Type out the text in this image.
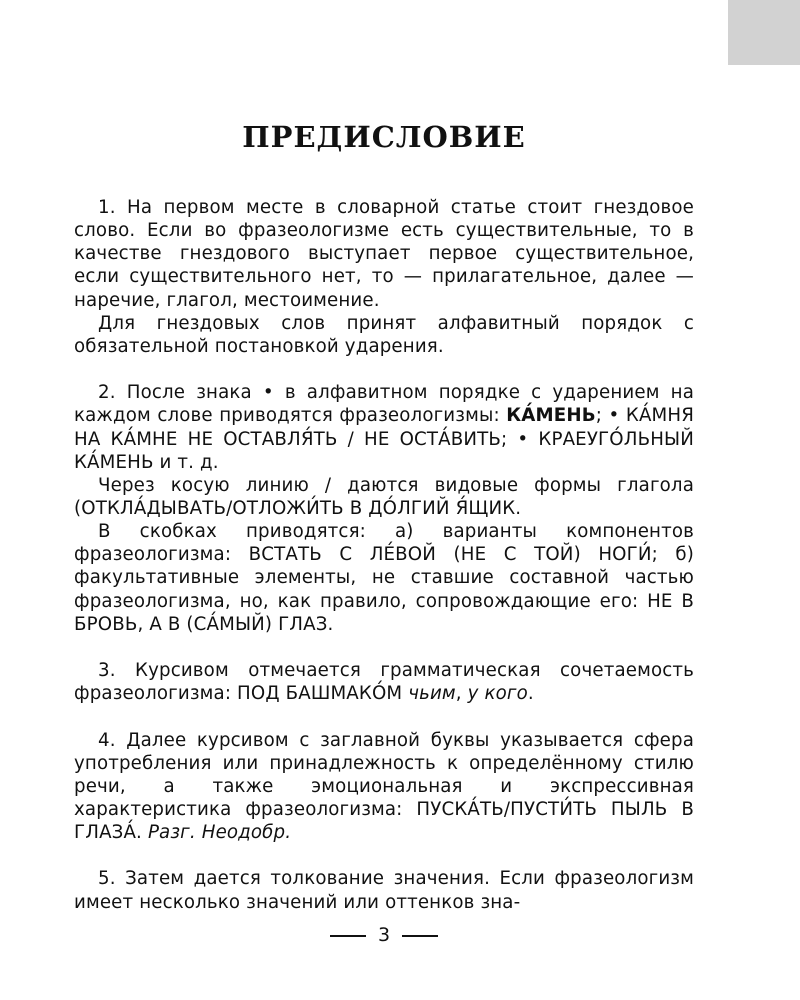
ПРЕДИСЛОВИЕ

1. На первом месте в словарной статье стоит гнездовое слово. Если во фразеологизме есть существительные, то в качестве гнездового выступает первое существительное, если существительного нет, то — прилагательное, далее — наречие, глагол, местоимение.

Для гнездовых слов принят алфавитный порядок с обязательной постановкой ударения.

2. После знака • в алфавитном порядке с ударением на каждом слове приводятся фразеологизмы: КА́МЕНЬ; • КА́МНЯ НА КА́МНЕ НЕ ОСТАВЛЯ́ТЬ / НЕ ОСТА́ВИТЬ; • КРАЕУГО́ЛЬНЫЙ КА́МЕНЬ и т. д.

Через косую линию / даются видовые формы глагола (ОТКЛА́ДЫВАТЬ/ОТЛОЖИ́ТЬ В ДО́ЛГИЙ Я́ЩИК.

В скобках приводятся: а) варианты компонентов фразеологизма: ВСТАТЬ С ЛЕ́ВОЙ (НЕ С ТОЙ) НОГИ́; б) факультативные элементы, не ставшие составной частью фразеологизма, но, как правило, сопровождающие его: НЕ В БРОВЬ, А В (СА́МЫЙ) ГЛАЗ.

3. Курсивом отмечается грамматическая сочетаемость фразеологизма: ПОД БАШМАКО́М чьим, у кого.

4. Далее курсивом с заглавной буквы указывается сфера употребления или принадлежность к определённому стилю речи, а также эмоциональная и экспрессивная характеристика фразеологизма: ПУСКА́ТЬ/ПУСТИ́ТЬ ПЫЛЬ В ГЛАЗА́. Разг. Неодобр.

5. Затем дается толкование значения. Если фразеологизм имеет несколько значений или оттенков зна-

3
